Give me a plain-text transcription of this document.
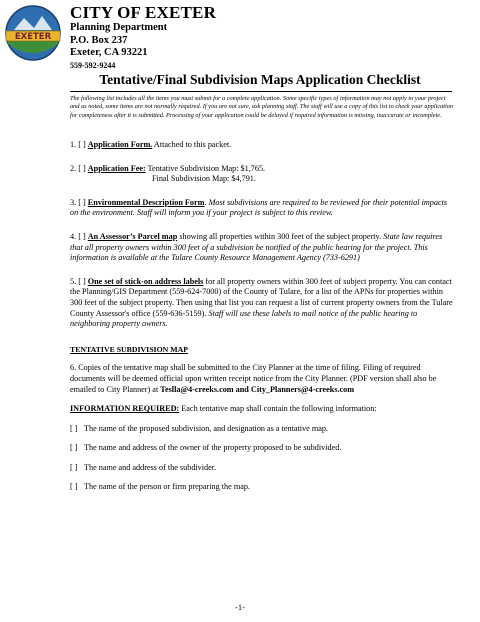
EXETER
CITY OF EXETER
Planning Department
P.O. Box 237
Exeter, CA 93221
559-592-9244
Tentative/Final Subdivision Maps Application Checklist
The following list includes all the items you must submit for a complete application. Some specific types of information may not apply to your project and as noted, some items are not normally required. If you are not sure, ask planning staff. The staff will use a copy of this list to check your application for completeness after it is submitted. Processing of your application could be delayed if required information is missing, inaccurate or incomplete.

1. [ ] Application Form. Attached to this packet.

2. [ ] Application Fee: Tentative Subdivision Map: $1,765.
Final Subdivision Map: $4,791.

3. [ ] Environmental Description Form. Most subdivisions are required to be reviewed for their potential impacts on the environment. Staff will inform you if your project is subject to this review.

4. [ ] An Assessor’s Parcel map showing all properties within 300 feet of the subject property. State law requires that all property owners within 300 feet of a subdivision be notified of the public hearing for the project. This information is available at the Tulare County Resource Management Agency (733-6291)

5. [ ] One set of stick-on address labels for all property owners within 300 feet of subject property. You can contact the Planning/GIS Department (559-624-7000) of the County of Tulare, for a list of the APNs for properties within 300 feet of the subject property. Then using that list you can request a list of current property owners from the Tulare County Assessor's office (559-636-5159). Staff will use these labels to mail notice of the public hearing to neighboring property owners.

TENTATIVE SUBDIVISION MAP

6. Copies of the tentative map shall be submitted to the City Planner at the time of filing. Filing of required documents will be deemed official upon written receipt notice from the City Planner. (PDF version shall also be emailed to City Planner) at Teslla@4-creeks.com and City_Planners@4-creeks.com

INFORMATION REQUIRED: Each tentative map shall contain the following information:

[ ] The name of the proposed subdivision, and designation as a tentative map.

[ ] The name and address of the owner of the property proposed to be subdivided.

[ ] The name and address of the subdivider.

[ ] The name of the person or firm preparing the map.

-1-
